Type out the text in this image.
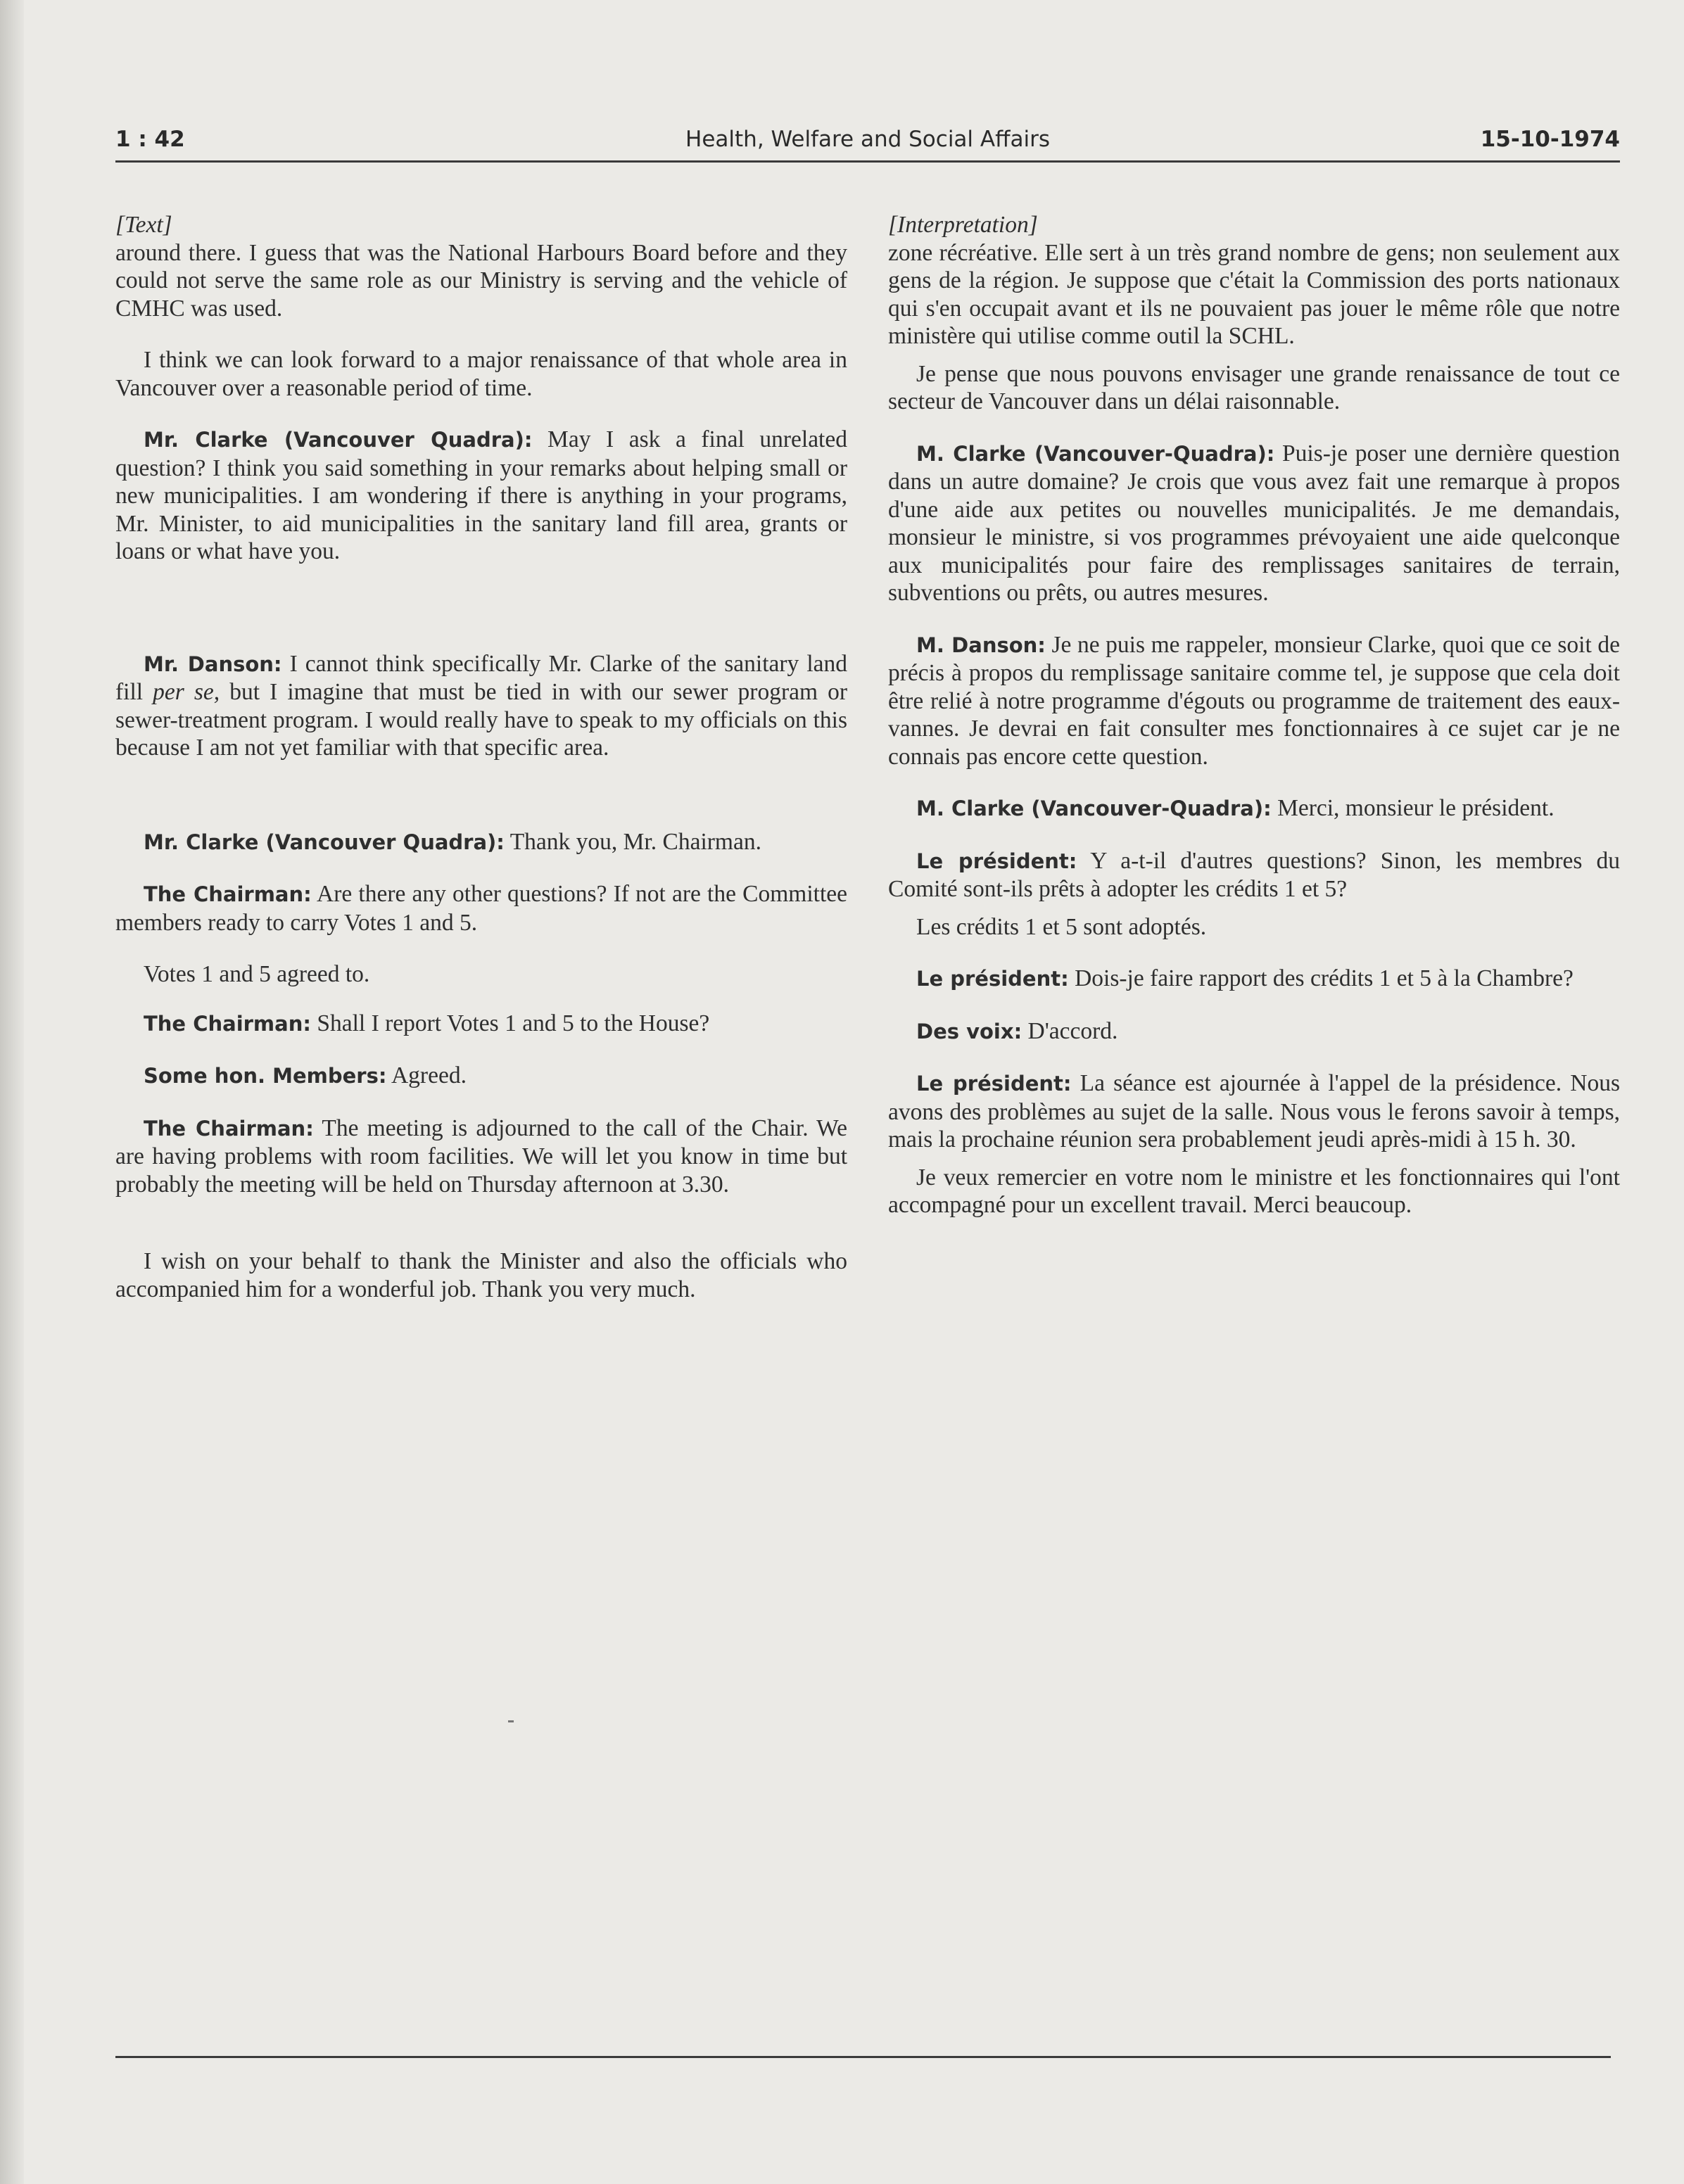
Health, Welfare and Social Affairs
1 : 42	15-10-1974

[Text]

around there. I guess that was the National Harbours Board before and they could not serve the same role as our Ministry is serving and the vehicle of CMHC was used.

I think we can look forward to a major renaissance of that whole area in Vancouver over a reasonable period of time.

Mr. Clarke (Vancouver Quadra): May I ask a final unrelated question? I think you said something in your remarks about helping small or new municipalities. I am wondering if there is anything in your programs, Mr. Minister, to aid municipalities in the sanitary land fill area, grants or loans or what have you.

Mr. Danson: I cannot think specifically Mr. Clarke of the sanitary land fill per se, but I imagine that must be tied in with our sewer program or sewer-treatment program. I would really have to speak to my officials on this because I am not yet familiar with that specific area.

Mr. Clarke (Vancouver Quadra): Thank you, Mr. Chairman.

The Chairman: Are there any other questions? If not are the Committee members ready to carry Votes 1 and 5.

Votes 1 and 5 agreed to.

The Chairman: Shall I report Votes 1 and 5 to the House?

Some hon. Members: Agreed.

The Chairman: The meeting is adjourned to the call of the Chair. We are having problems with room facilities. We will let you know in time but probably the meeting will be held on Thursday afternoon at 3.30.

I wish on your behalf to thank the Minister and also the officials who accompanied him for a wonderful job. Thank you very much.

[Interpretation]

zone récréative. Elle sert à un très grand nombre de gens; non seulement aux gens de la région. Je suppose que c'était la Commission des ports nationaux qui s'en occupait avant et ils ne pouvaient pas jouer le même rôle que notre ministère qui utilise comme outil la SCHL.

Je pense que nous pouvons envisager une grande renaissance de tout ce secteur de Vancouver dans un délai raisonnable.

M. Clarke (Vancouver-Quadra): Puis-je poser une dernière question dans un autre domaine? Je crois que vous avez fait une remarque à propos d'une aide aux petites ou nouvelles municipalités. Je me demandais, monsieur le ministre, si vos programmes prévoyaient une aide quelconque aux municipalités pour faire des remplissages sanitaires de terrain, subventions ou prêts, ou autres mesures.

M. Danson: Je ne puis me rappeler, monsieur Clarke, quoi que ce soit de précis à propos du remplissage sanitaire comme tel, je suppose que cela doit être relié à notre programme d'égouts ou programme de traitement des eaux-vannes. Je devrai en fait consulter mes fonctionnaires à ce sujet car je ne connais pas encore cette question.

M. Clarke (Vancouver-Quadra): Merci, monsieur le président.

Le président: Y a-t-il d'autres questions? Sinon, les membres du Comité sont-ils prêts à adopter les crédits 1 et 5?

Les crédits 1 et 5 sont adoptés.

Le président: Dois-je faire rapport des crédits 1 et 5 à la Chambre?

Des voix: D'accord.

Le président: La séance est ajournée à l'appel de la présidence. Nous avons des problèmes au sujet de la salle. Nous vous le ferons savoir à temps, mais la prochaine réunion sera probablement jeudi après-midi à 15 h. 30.

Je veux remercier en votre nom le ministre et les fonctionnaires qui l'ont accompagné pour un excellent travail. Merci beaucoup.
